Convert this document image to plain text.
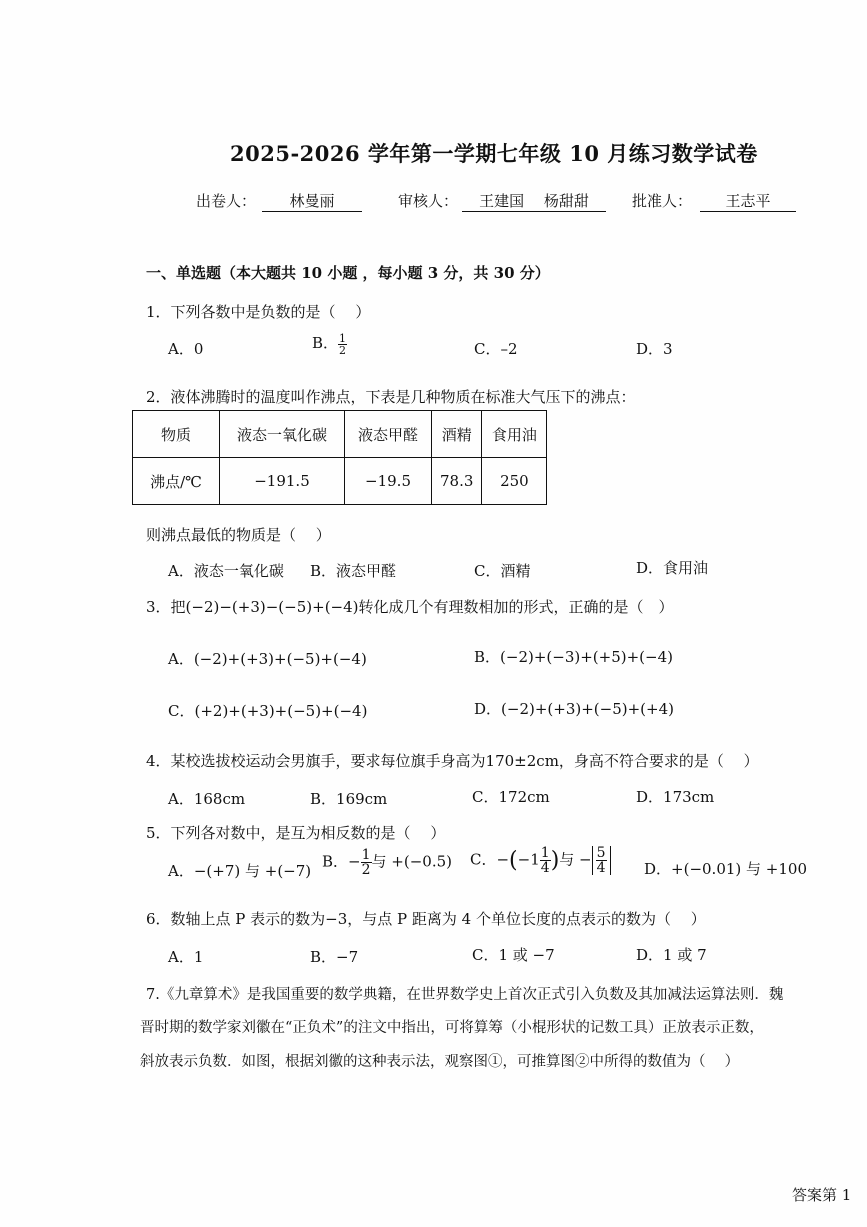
2025-2026 学年第一学期七年级 10 月练习数学试卷
出卷人：	林曼丽	审核人：	王建国　 杨甜甜	批准人：	王志平
一、单选题（本大题共 10 小题 ，每小题 3 分，共 30 分）
1．下列各数中是负数的是（　 ）
A．0	B． $\frac{1}{2}$	C．–2	D．3
2．液体沸腾时的温度叫作沸点，下表是几种物质在标准大气压下的沸点：
物质	液态一氧化碳	液态甲醛	酒精	食用油
沸点/℃	−191.5	−19.5	78.3	250
则沸点最低的物质是（　 ）
A．液态一氧化碳 B．液态甲醛	C．酒精	D．食用油
3．把(−2)−(+3)−(−5)+(−4)转化成几个有理数相加的形式，正确的是（　）
A．(−2)+(+3)+(−5)+(−4)	B．(−2)+(−3)+(+5)+(−4)
C．(+2)+(+3)+(−5)+(−4)	D．(−2)+(+3)+(−5)+(+4)
4．某校选拔校运动会男旗手，要求每位旗手身高为170±2cm，身高不符合要求的是（　 ）
A．168cm	B．169cm	C．172cm	D．173cm
5．下列各对数中，是互为相反数的是（　 ）
A．−(+7) 与 +(−7)
B．− $\frac{1}{2}$ 与 +(−0.5) C．$-(-1 \frac{1}{4}$ )与 − $\frac{5}{4}$ D．+(−0.01) 与 +100
6．数轴上点 P 表示的数为−3，与点 P 距离为 4 个单位长度的点表示的数为（　 ）
A．1	B．−7	C．1 或 −7	D．1 或 7
7.《九章算术》是我国重要的数学典籍，在世界数学史上首次正式引入负数及其加减法运算法则．魏
晋时期的数学家刘徽在“正负术”的注文中指出，可将算筹（小棍形状的记数工具）正放表示正数，
斜放表示负数．如图，根据刘徽的这种表示法，观察图①，可推算图②中所得的数值为（　 ）
答案第 1
